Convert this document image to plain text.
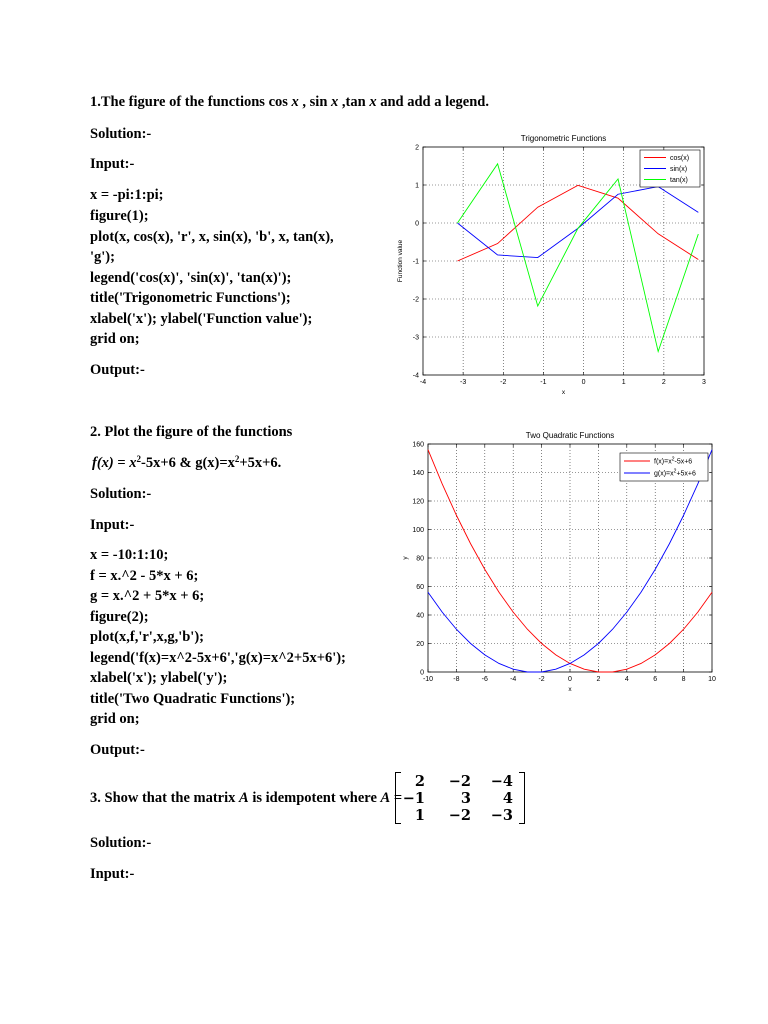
1.The figure of the functions cos x , sin x ,tan x and add a legend.
Solution:-
Input:-
x = -pi:1:pi;
figure(1);
plot(x, cos(x), 'r', x, sin(x), 'b', x, tan(x),
'g');
legend('cos(x)', 'sin(x)', 'tan(x)');
title('Trigonometric Functions');
xlabel('x'); ylabel('Function value');
grid on;
Output:-
Trigonometric Functions
-4	-3	-2	-1	0	1	2	3
-4
-3
-2
-1
0
1
2
x
Function value
cos(x)
sin(x)
tan(x)
2. Plot the figure of the functions
$f(x) = x^2-5x+6$ & $g(x)=x^2+5x+6$.
Solution:-
Input:-
x = -10:1:10;
f = x.^2 - 5*x + 6;
g = x.^2 + 5*x + 6;
figure(2);
plot(x,f,'r',x,g,'b');
legend('f(x)=x^2-5x+6','g(x)=x^2+5x+6');
xlabel('x'); ylabel('y');
title('Two Quadratic Functions');
grid on;
Output:-
Two Quadratic Functions
-10	-8	-6	-4	-2	0	2	4	6	8	10
0
20
40
60
80
100
120
140
160
x
y
$f(x)=x^2-5x+6$
$g(x)=x^2+5x+6$
3. Show that the matrix A is idempotent where A =
2	−2	−4
−1	3	4
1	−2	−3
Solution:-
Input:-
